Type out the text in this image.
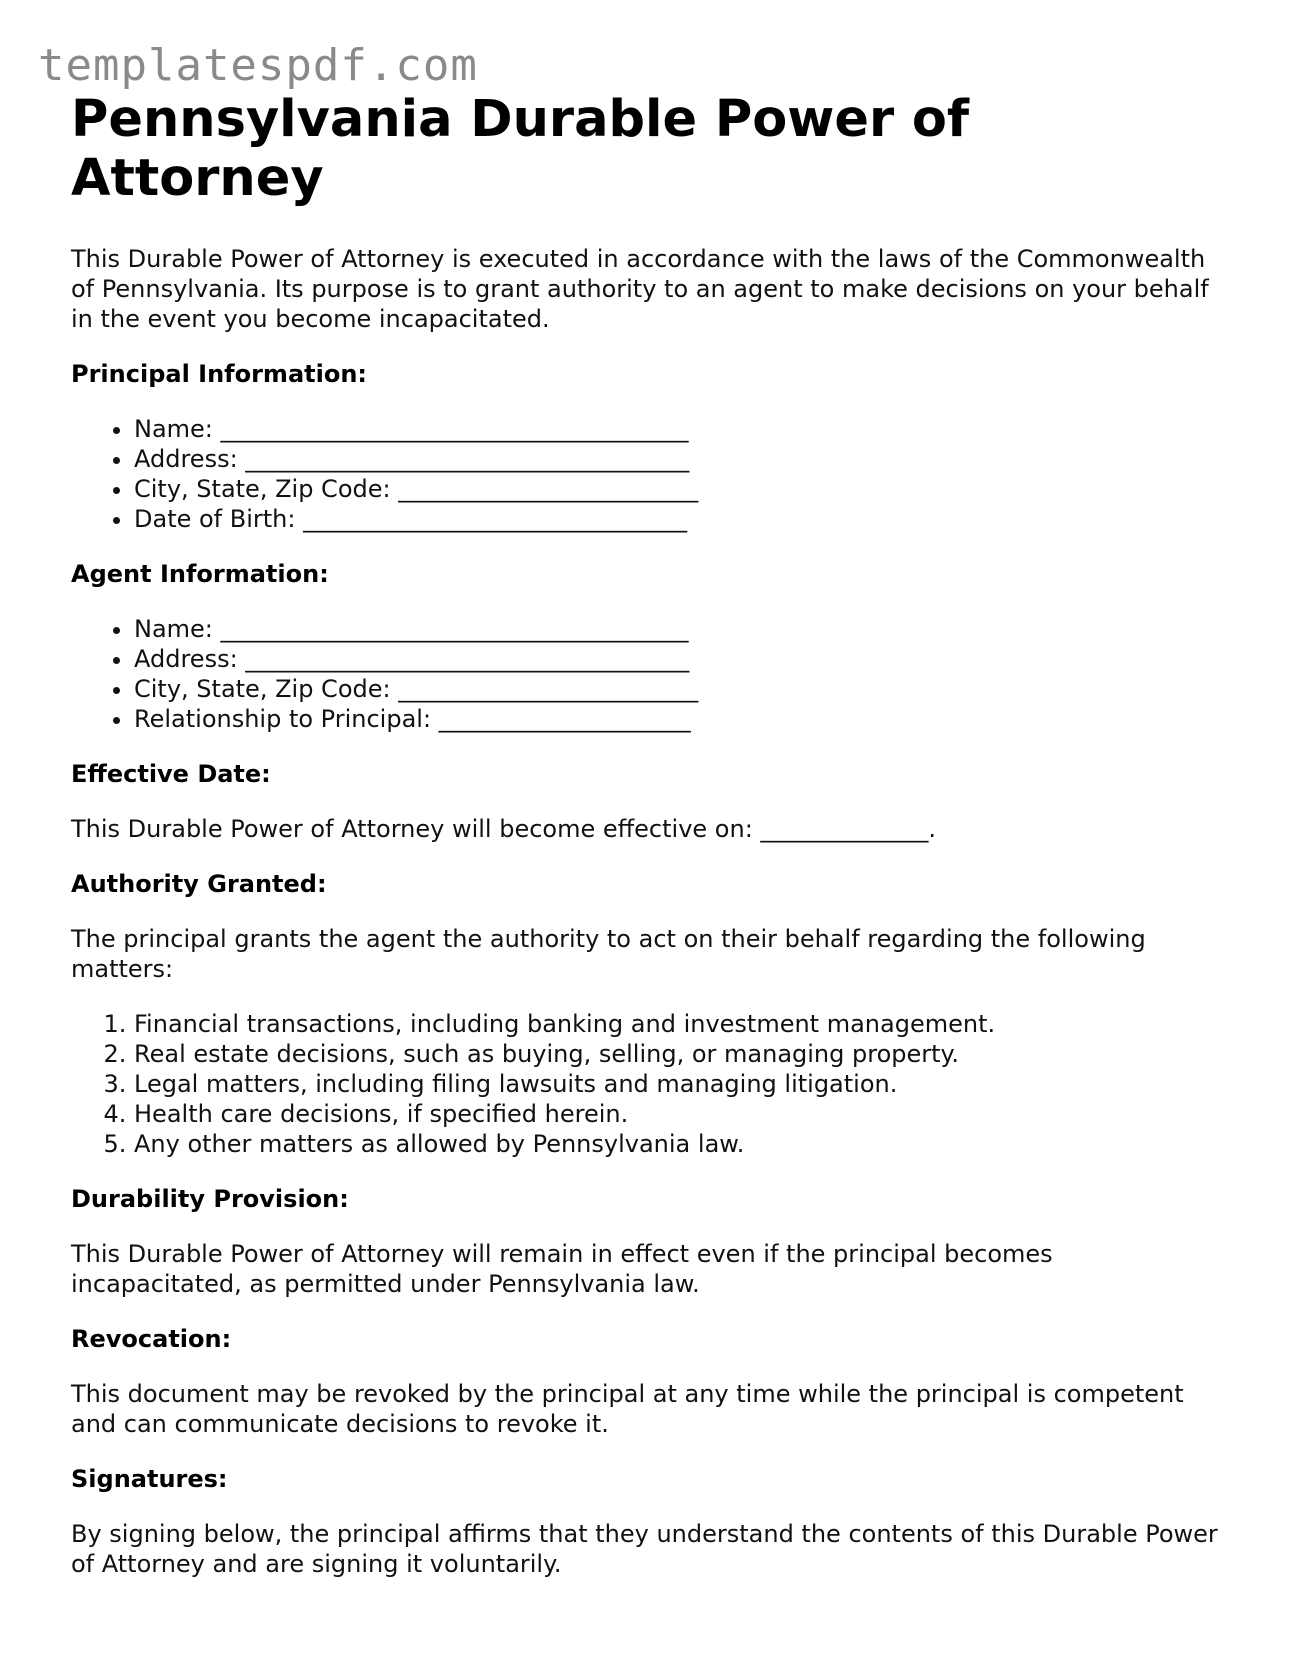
templatespdf.com
Pennsylvania Durable Power of Attorney

This Durable Power of Attorney is executed in accordance with the laws of the Commonwealth of Pennsylvania. Its purpose is to grant authority to an agent to make decisions on your behalf in the event you become incapacitated.

Principal Information:
• Name: _______________________________________
• Address: _____________________________________
• City, State, Zip Code: _________________________
• Date of Birth: ________________________________
Agent Information:
• Name: _______________________________________
• Address: _____________________________________
• City, State, Zip Code: _________________________
• Relationship to Principal: _____________________
Effective Date:

This Durable Power of Attorney will become effective on: ______________.

Authority Granted:

The principal grants the agent the authority to act on their behalf regarding the following matters:

1. Financial transactions, including banking and investment management.
2. Real estate decisions, such as buying, selling, or managing property.
3. Legal matters, including filing lawsuits and managing litigation.
4. Health care decisions, if specified herein.
5. Any other matters as allowed by Pennsylvania law.
Durability Provision:

This Durable Power of Attorney will remain in effect even if the principal becomes incapacitated, as permitted under Pennsylvania law.

Revocation:

This document may be revoked by the principal at any time while the principal is competent and can communicate decisions to revoke it.

Signatures:

By signing below, the principal affirms that they understand the contents of this Durable Power of Attorney and are signing it voluntarily.
